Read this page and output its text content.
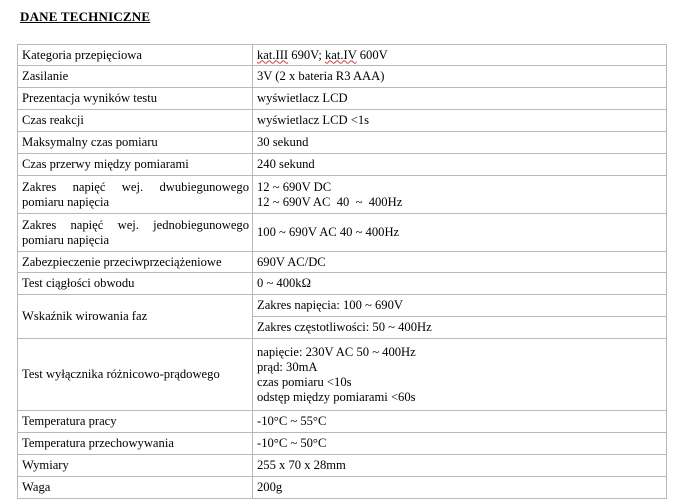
DANE TECHNICZNE
Kategoria przepięciowa	kat.III 690V; kat.IV 600V
Zasilanie	3V (2 x bateria R3 AAA)
Prezentacja wyników testu	wyświetlacz LCD
Czas reakcji	wyświetlacz LCD <1s
Maksymalny czas pomiaru	30 sekund
Czas przerwy między pomiarami	240 sekund

Zakres napięć wej. dwubiegunowego
pomiaru napięcia	12 ~ 690V DC
12 ~ 690V AC  40  ~  400Hz

Zakres napięć wej. jednobiegunowego
pomiaru napięcia	100 ~ 690V AC 40 ~ 400Hz
Zabezpieczenie przeciwprzeciążeniowe	690V AC/DC
Test ciągłości obwodu	0 ~ 400kΩ
Wskaźnik wirowania faz	Zakres napięcia: 100 ~ 690V
	Zakres częstotliwości: 50 ~ 400Hz
Test wyłącznika różnicowo-prądowego	napięcie: 230V AC 50 ~ 400Hz
prąd: 30mA
czas pomiaru <10s
odstęp między pomiarami <60s

Temperatura pracy	-10°C ~ 55°C
Temperatura przechowywania	-10°C ~ 50°C
Wymiary	255 x 70 x 28mm
Waga	200g
